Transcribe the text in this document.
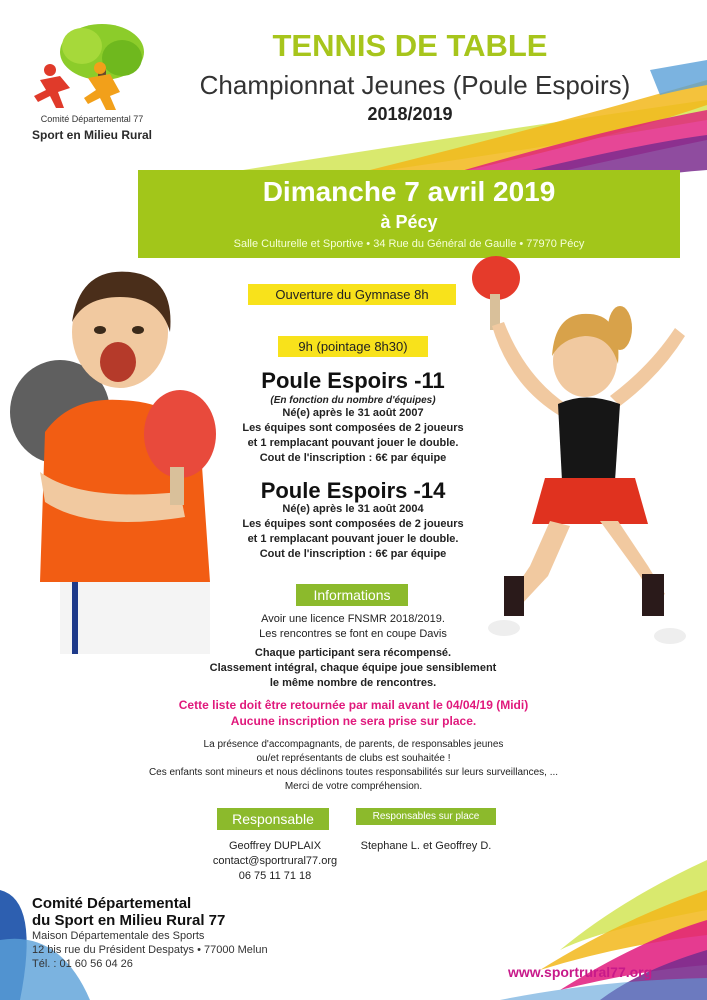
Comité Départemental 77
Sport en Milieu Rural
TENNIS DE TABLE
Championnat Jeunes (Poule Espoirs)
2018/2019
Dimanche 7 avril 2019
à Pécy
Salle Culturelle et Sportive • 34 Rue du Général de Gaulle • 77970 Pécy
Ouverture du Gymnase 8h
9h (pointage 8h30)
Poule Espoirs -11
(En fonction du nombre d'équipes)
Né(e) après le 31 août 2007
Les équipes sont composées de 2 joueurs
et 1 remplacant pouvant jouer le double.
Cout de l'inscription : 6€ par équipe
Poule Espoirs -14
Né(e) après le 31 août 2004
Les équipes sont composées de 2 joueurs
et 1 remplacant pouvant jouer le double.
Cout de l'inscription : 6€ par équipe
Informations
Avoir une licence FNSMR 2018/2019.
Les rencontres se font en coupe Davis
Chaque participant sera récompensé.
Classement intégral, chaque équipe joue sensiblement
le même nombre de rencontres.
Cette liste doit être retournée par mail avant le 04/04/19 (Midi)
Aucune inscription ne sera prise sur place.
La présence d'accompagnants, de parents, de responsables jeunes
ou/et représentants de clubs est souhaitée !
Ces enfants sont mineurs et nous déclinons toutes responsabilités sur leurs surveillances, ...
Merci de votre compréhension.
Responsable
Geoffrey DUPLAIX
contact@sportrural77.org
06 75 11 71 18
Responsables sur place
Stephane L. et Geoffrey D.
Comité Départemental
du Sport en Milieu Rural 77
Maison Départementale des Sports
12 bis rue du Président Despatys • 77000 Melun
Tél. : 01 60 56 04 26	www.sportrural77.org
